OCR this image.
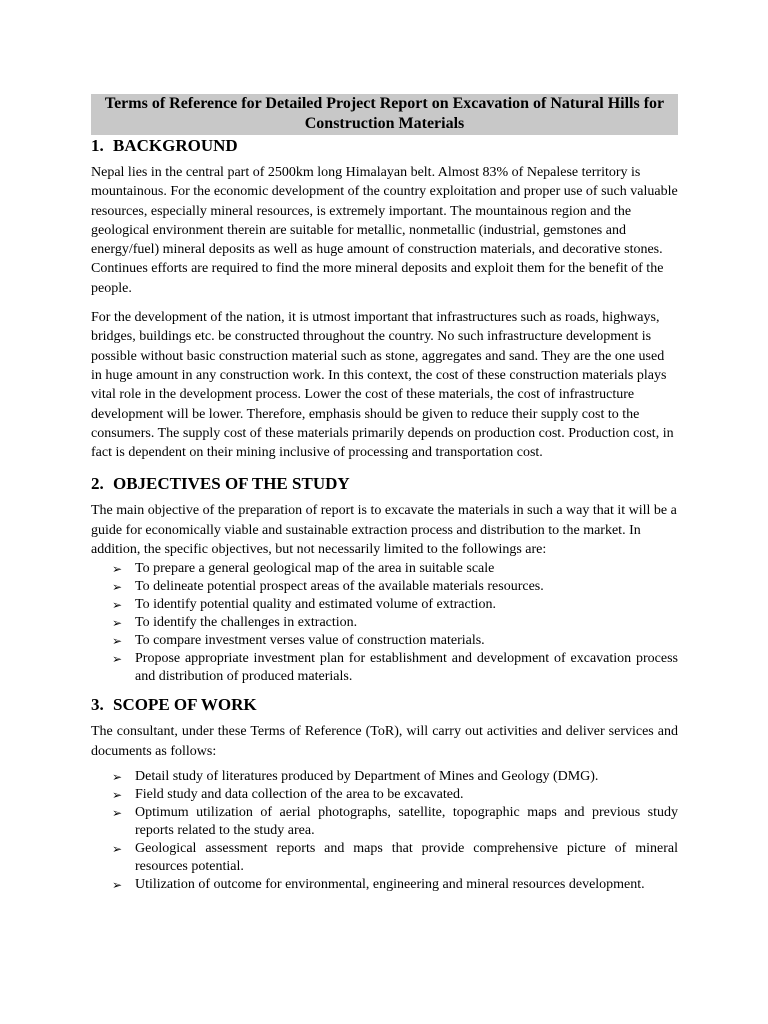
Terms of Reference for Detailed Project Report on Excavation of Natural Hills for Construction Materials
1. BACKGROUND

Nepal lies in the central part of 2500km long Himalayan belt. Almost 83% of Nepalese territory is mountainous. For the economic development of the country exploitation and proper use of such valuable resources, especially mineral resources, is extremely important. The mountainous region and the geological environment therein are suitable for metallic, nonmetallic (industrial, gemstones and energy/fuel) mineral deposits as well as huge amount of construction materials, and decorative stones. Continues efforts are required to find the more mineral deposits and exploit them for the benefit of the people.

For the development of the nation, it is utmost important that infrastructures such as roads, highways, bridges, buildings etc. be constructed throughout the country. No such infrastructure development is possible without basic construction material such as stone, aggregates and sand. They are the one used in huge amount in any construction work. In this context, the cost of these construction materials plays vital role in the development process. Lower the cost of these materials, the cost of infrastructure development will be lower. Therefore, emphasis should be given to reduce their supply cost to the consumers. The supply cost of these materials primarily depends on production cost. Production cost, in fact is dependent on their mining inclusive of processing and transportation cost.

2. OBJECTIVES OF THE STUDY

The main objective of the preparation of report is to excavate the materials in such a way that it will be a guide for economically viable and sustainable extraction process and distribution to the market. In addition, the specific objectives, but not necessarily limited to the followings are:

➢ To prepare a general geological map of the area in suitable scale
➢ To delineate potential prospect areas of the available materials resources.
➢ To identify potential quality and estimated volume of extraction.
➢ To identify the challenges in extraction.
➢ To compare investment verses value of construction materials.
➢ Propose appropriate investment plan for establishment and development of excavation process and distribution of produced materials.
3. SCOPE OF WORK

The consultant, under these Terms of Reference (ToR), will carry out activities and deliver services and documents as follows:

➢ Detail study of literatures produced by Department of Mines and Geology (DMG).
➢ Field study and data collection of the area to be excavated.
➢ Optimum utilization of aerial photographs, satellite, topographic maps and previous study reports related to the study area.
➢ Geological assessment reports and maps that provide comprehensive picture of mineral resources potential.
➢ Utilization of outcome for environmental, engineering and mineral resources development.
